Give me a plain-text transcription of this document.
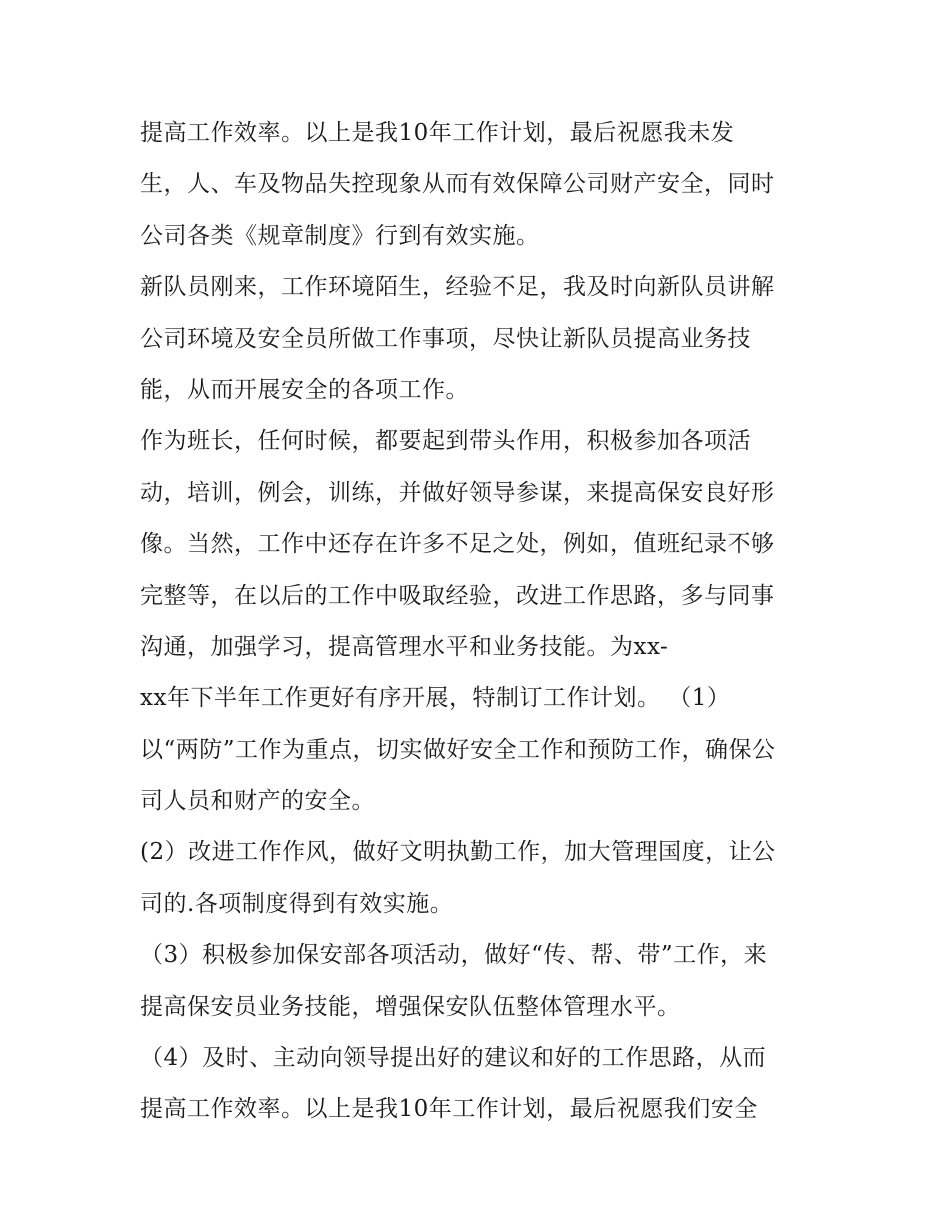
提高工作效率。以上是我10年工作计划，最后祝愿我未发
生，人、车及物品失控现象从而有效保障公司财产安全，同时
公司各类《规章制度》行到有效实施。
新队员刚来，工作环境陌生，经验不足，我及时向新队员讲解
公司环境及安全员所做工作事项，尽快让新队员提高业务技
能，从而开展安全的各项工作。
作为班长，任何时候，都要起到带头作用，积极参加各项活
动，培训，例会，训练，并做好领导参谋，来提高保安良好形
像。当然，工作中还存在许多不足之处，例如，值班纪录不够
完整等，在以后的工作中吸取经验，改进工作思路，多与同事
沟通，加强学习，提高管理水平和业务技能。为xx-
xx年下半年工作更好有序开展，特制订工作计划。 （1）
以“两防”工作为重点，切实做好安全工作和预防工作，确保公
司人员和财产的安全。
(2）改进工作作风，做好文明执勤工作，加大管理国度，让公
司的.各项制度得到有效实施。
（3）积极参加保安部各项活动，做好“传、帮、带”工作，来
提高保安员业务技能，增强保安队伍整体管理水平。
（4）及时、主动向领导提出好的建议和好的工作思路，从而
提高工作效率。以上是我10年工作计划，最后祝愿我们安全
